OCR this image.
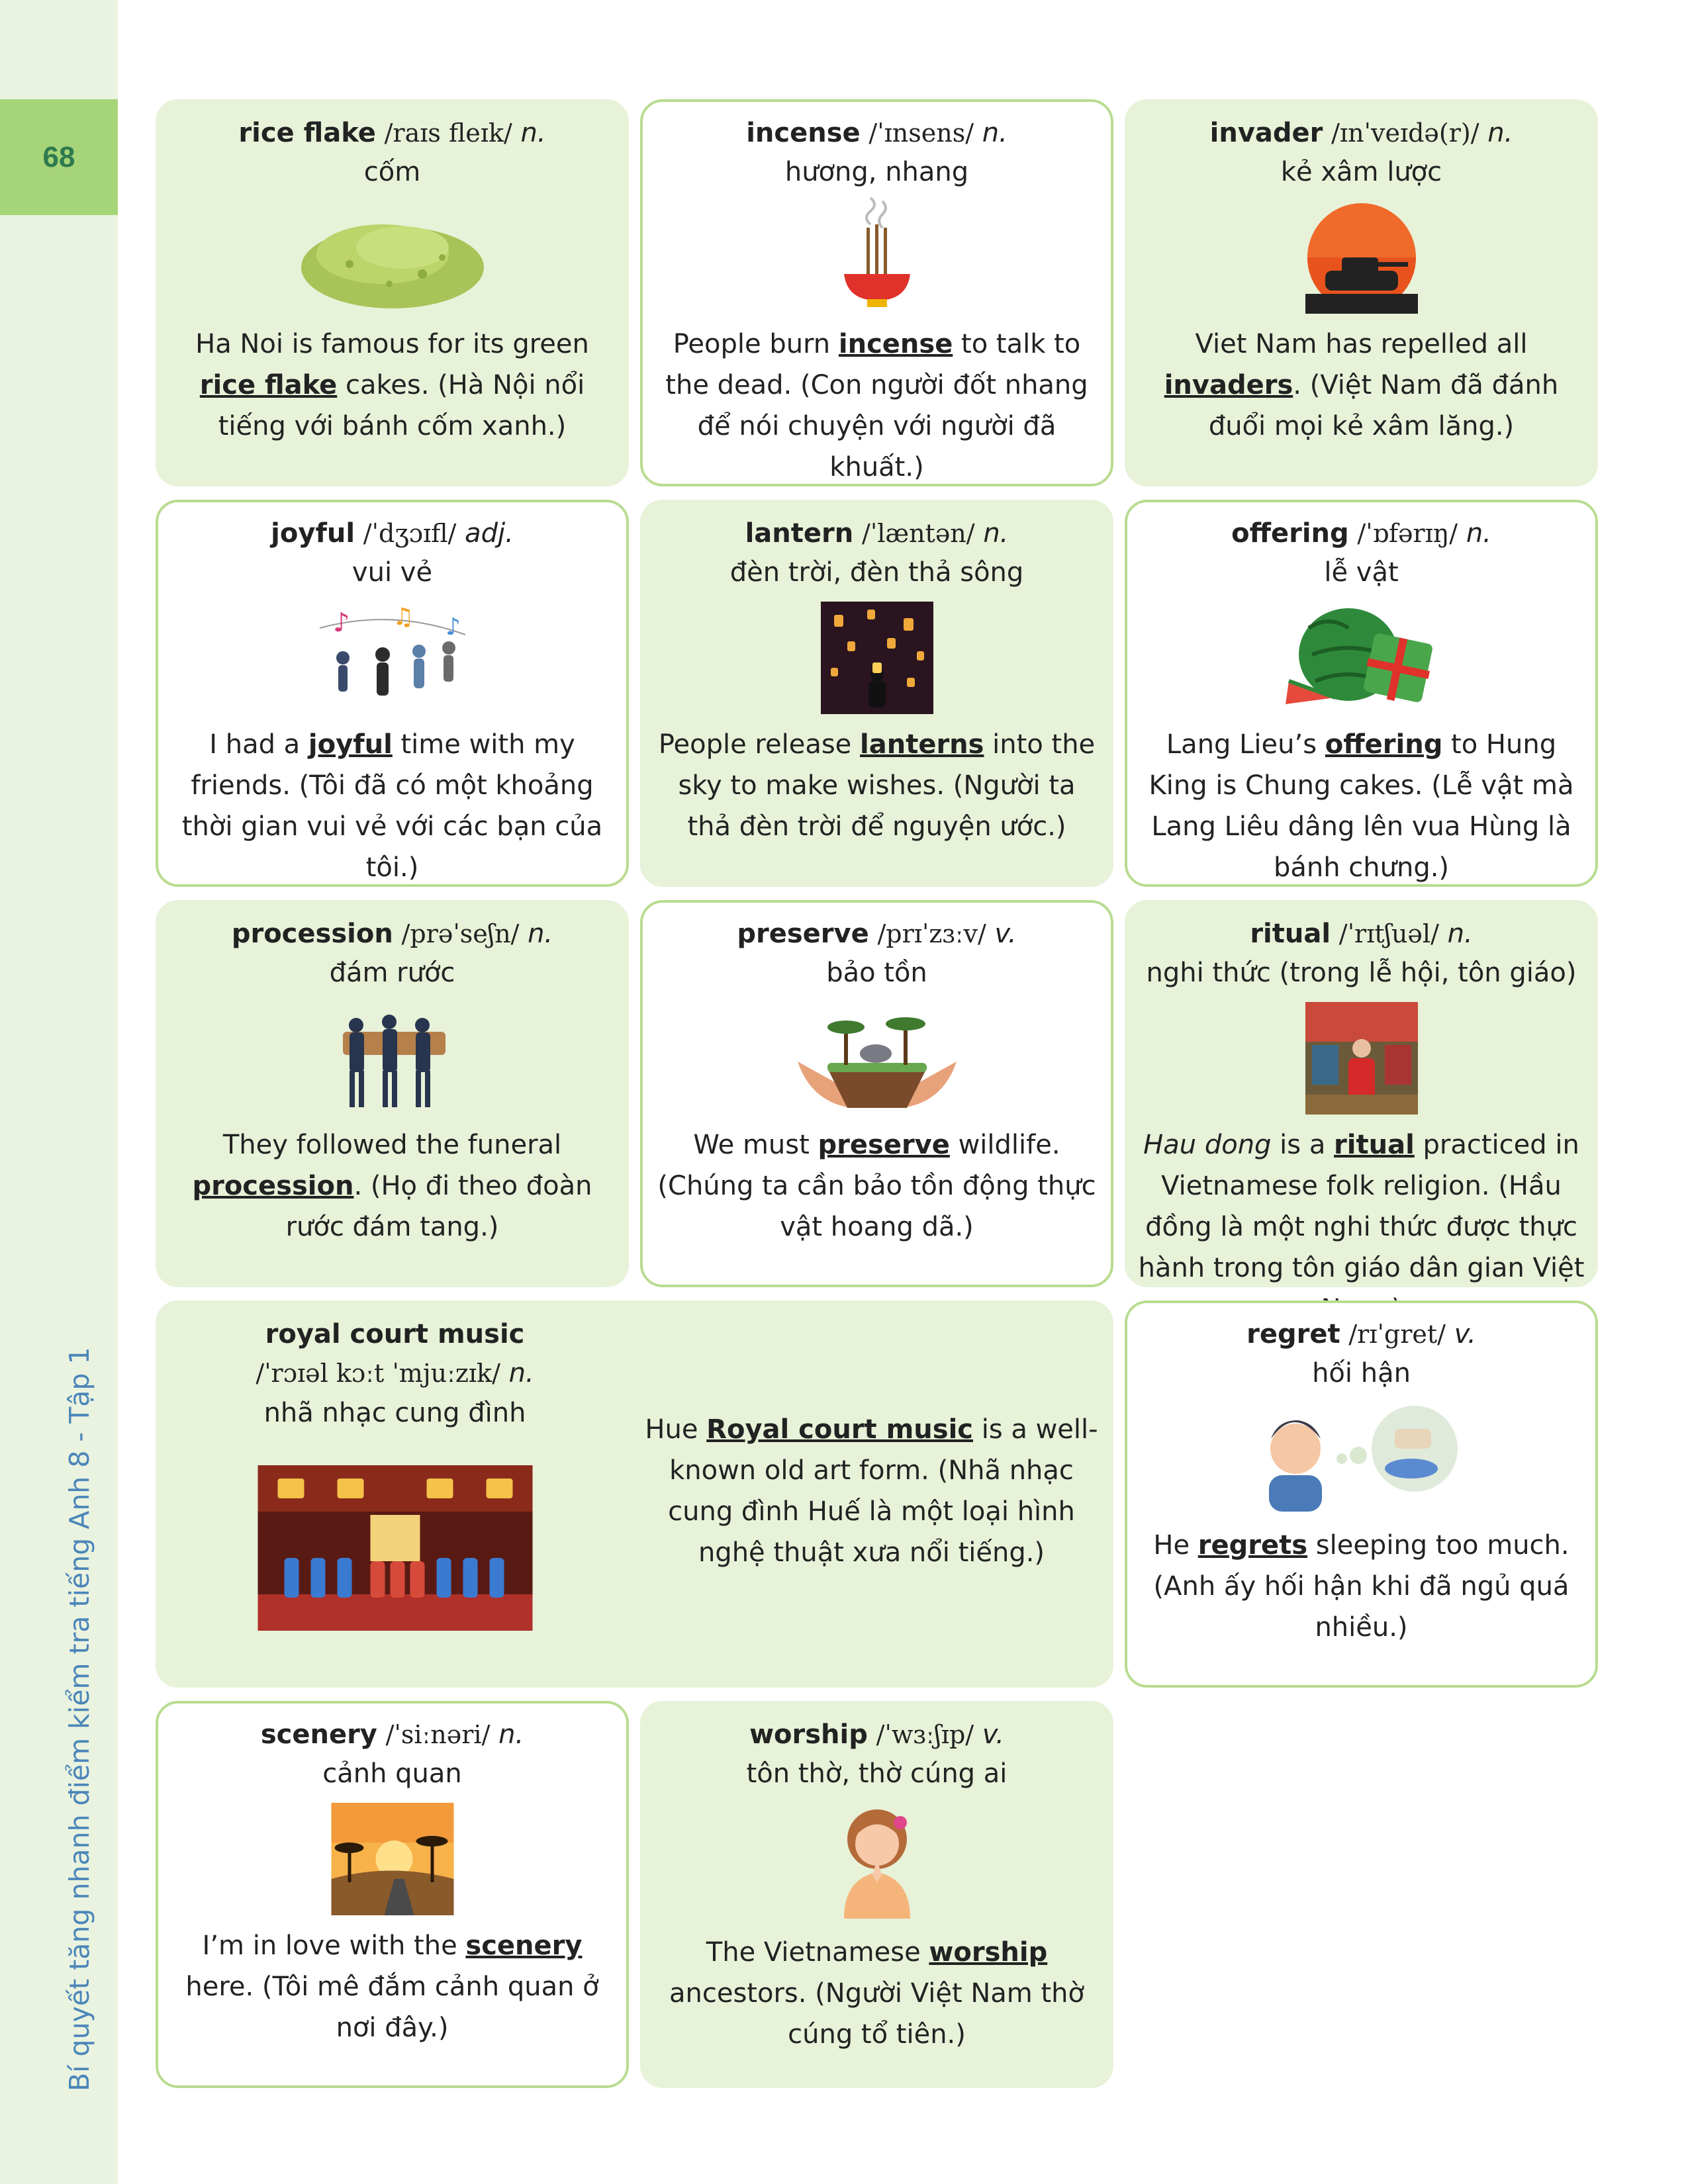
68
Bí quyết tăng nhanh điểm kiểm tra tiếng Anh 8 - Tập 1
rice flake /raɪs fleɪk/ n.
cốm
Ha Noi is famous for its green rice flake cakes. (Hà Nội nổi tiếng với bánh cốm xanh.)
incense /ˈɪnsens/ n.
hương, nhang
People burn incense to talk to the dead. (Con người đốt nhang để nói chuyện với người đã khuất.)
invader /ɪnˈveɪdə(r)/ n.
kẻ xâm lược
Viet Nam has repelled all invaders. (Việt Nam đã đánh đuổi mọi kẻ xâm lăng.)
joyful /ˈdʒɔɪfl/ adj.
vui vẻ
♪ ♫ ♪
I had a joyful time with my friends. (Tôi đã có một khoảng thời gian vui vẻ với các bạn của tôi.)
lantern /ˈlæntən/ n.
đèn trời, đèn thả sông
People release lanterns into the sky to make wishes. (Người ta thả đèn trời để nguyện ước.)
offering /ˈɒfərɪŋ/ n.
lễ vật
Lang Lieu’s offering to Hung King is Chung cakes. (Lễ vật mà Lang Liêu dâng lên vua Hùng là bánh chưng.)
procession /prəˈseʃn/ n.
đám rước
They followed the funeral procession. (Họ đi theo đoàn rước đám tang.)
preserve /prɪˈzɜːv/ v.
bảo tồn
We must preserve wildlife. (Chúng ta cần bảo tồn động thực vật hoang dã.)
ritual /ˈrɪtʃuəl/ n.
nghi thức (trong lễ hội, tôn giáo)
Hau dong is a ritual practiced in Vietnamese folk religion. (Hầu đồng là một nghi thức được thực hành trong tôn giáo dân gian Việt
royal court music
/ˈrɔɪəl kɔːt ˈmjuːzɪk/ n.
nhã nhạc cung đình
Hue Royal court music is a well-known old art form. (Nhã nhạc cung đình Huế là một loại hình nghệ thuật xưa nổi tiếng.)
regret /rɪˈgret/ v.
hối hận
He regrets sleeping too much. (Anh ấy hối hận khi đã ngủ quá nhiều.)
scenery /ˈsiːnəri/ n.
cảnh quan
I’m in love with the scenery here. (Tôi mê đắm cảnh quan ở nơi đây.)
worship /ˈwɜːʃɪp/ v.
tôn thờ, thờ cúng ai
The Vietnamese worship ancestors. (Người Việt Nam thờ cúng tổ tiên.)
